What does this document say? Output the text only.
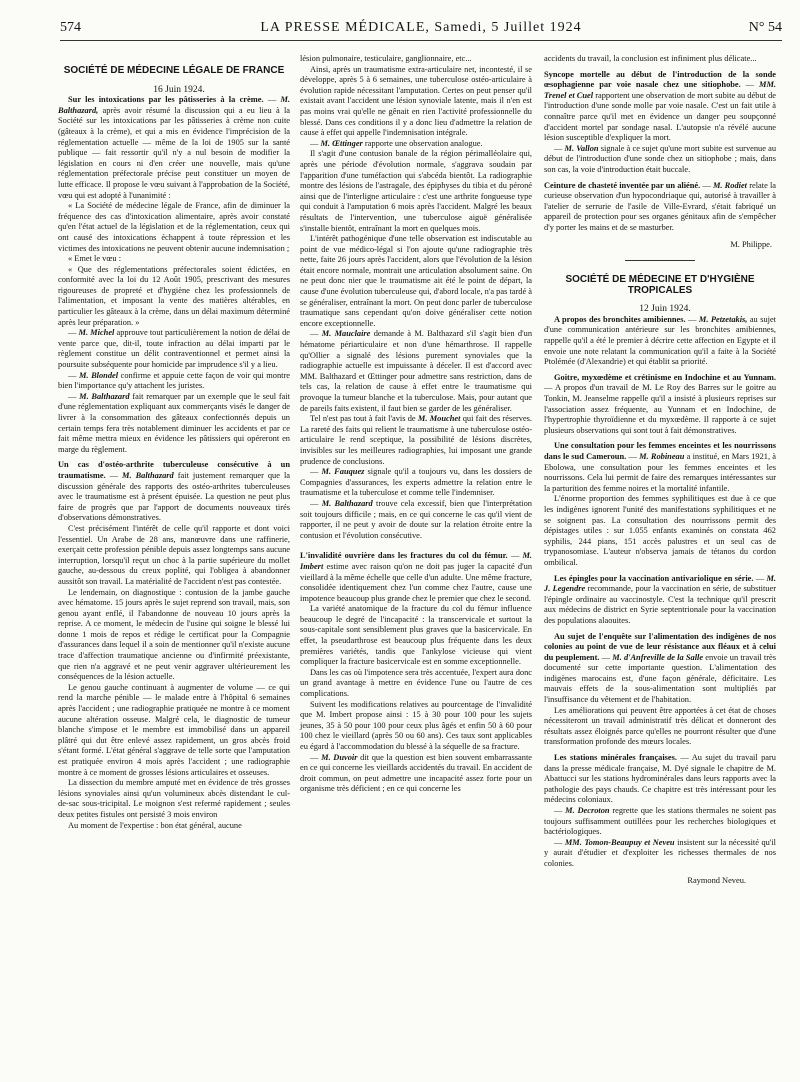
574	LA PRESSE MÉDICALE, Samedi, 5 Juillet 1924	N° 54
SOCIÉTÉ DE MÉDECINE LÉGALE DE FRANCE

16 Juin 1924.

Sur les intoxications par les pâtisseries à la crème. — M. Balthazard, après avoir résumé la discussion qui a eu lieu à la Société sur les intoxications par les pâtisseries à crème non cuite (gâteaux à la crème), et qui a mis en évidence l'imprécision de la réglementation actuelle — même de la loi de 1905 sur la santé publique — fait ressortir qu'il n'y a nul besoin de modifier la législation en cours ni d'en créer une nouvelle, mais qu'une réglementation préfectorale précise peut constituer un moyen de lutte efficace. Il propose le vœu suivant à l'approbation de la Société, vœu qui est adopté à l'unanimité :

« La Société de médecine légale de France, afin de diminuer la fréquence des cas d'intoxication alimentaire, après avoir constaté qu'en l'état actuel de la législation et de la réglementation, ceux qui ont causé des intoxications échappent à toute répression et les victimes des intoxications ne peuvent obtenir aucune indemnisation ;

« Emet le vœu :

« Que des réglementations préfectorales soient édictées, en conformité avec la loi du 12 Août 1905, prescrivant des mesures rigoureuses de propreté et d'hygiène chez les professionnels de l'alimentation, et imposant la vente des matières altérables, en particulier les gâteaux à la crème, dans un délai maximum déterminé après leur préparation. »

— M. Michel approuve tout particulièrement la notion de délai de vente parce que, dit-il, toute infraction au délai imparti par le règlement constitue un délit contraventionnel et permet ainsi la poursuite subséquente pour homicide par imprudence s'il y a lieu.

— M. Blondel confirme et appuie cette façon de voir qui montre bien l'importance qu'y attachent les juristes.

— M. Balthazard fait remarquer par un exemple que le seul fait d'une réglementation expliquant aux commerçants visés le danger de livrer à la consommation des gâteaux confectionnés depuis un certain temps fera très notablement diminuer les accidents et par ce fait même mettra mieux en évidence les pâtissiers qui opéreront en marge du règlement.

Un cas d'ostéo-arthrite tuberculeuse consécutive à un traumatisme. — M. Balthazard fait justement remarquer que la discussion générale des rapports des ostéo-arthrites tuberculeuses avec le traumatisme est à présent épuisée. La question ne peut plus faire de progrès que par l'apport de documents nouveaux tirés d'observations démonstratives.

C'est précisément l'intérêt de celle qu'il rapporte et dont voici l'essentiel. Un Arabe de 28 ans, manœuvre dans une raffinerie, exerçait cette profession pénible depuis assez longtemps sans aucune interruption, lorsqu'il reçut un choc à la partie supérieure du mollet gauche, au-dessous du creux poplité, qui l'obligea à abandonner aussitôt son travail. La matérialité de l'accident n'est pas contestée.

Le lendemain, on diagnostique : contusion de la jambe gauche avec hématome. 15 jours après le sujet reprend son travail, mais, son genou ayant enflé, il l'abandonne de nouveau 10 jours après la reprise. A ce moment, le médecin de l'usine qui soigne le blessé lui donne 1 mois de repos et rédige le certificat pour la Compagnie d'assurances dans lequel il a soin de mentionner qu'il n'existe aucune trace d'affection traumatique ancienne ou d'infirmité préexistante, que rien n'a aggravé et ne peut venir aggraver ultérieurement les conséquences de la lésion actuelle.

Le genou gauche continuant à augmenter de volume — ce qui rend la marche pénible — le malade entre à l'hôpital 6 semaines après l'accident ; une radiographie pratiquée ne montre à ce moment aucune altération osseuse. Malgré cela, le diagnostic de tumeur blanche s'impose et le membre est immobilisé dans un appareil plâtré qui dut être enlevé assez rapidement, un gros abcès froid s'étant formé. L'état général s'aggrave de telle sorte que l'amputation est pratiquée environ 4 mois après l'accident ; une radiographie montre à ce moment de grosses lésions articulaires et osseuses.

La dissection du membre amputé met en évidence de très grosses lésions synoviales ainsi qu'un volumineux abcès distendant le cul-de-sac sous-tricipital. Le moignon s'est refermé rapidement ; seules deux petites fistules ont persisté 3 mois environ

Au moment de l'expertise : bon état général, aucune

lésion pulmonaire, testiculaire, ganglionnaire, etc...

Ainsi, après un traumatisme extra-articulaire net, incontesté, il se développe, après 5 à 6 semaines, une tuberculose ostéo-articulaire à évolution rapide nécessitant l'amputation. Certes on peut penser qu'il existait avant l'accident une lésion synoviale latente, mais il n'en est pas moins vrai qu'elle ne gênait en rien l'activité professionnelle du blessé. Dans ces conditions il y a donc lieu d'admettre la relation de cause à effet qui appelle l'indemnisation intégrale.

— M. Œttinger rapporte une observation analogue.

Il s'agit d'une contusion banale de la région périmalléolaire qui, après une période d'évolution normale, s'aggrava soudain par l'apparition d'une tuméfaction qui s'abcéda bientôt. La radiographie montre des lésions de l'astragale, des épiphyses du tibia et du péroné ainsi que de l'interligne articulaire : c'est une arthrite fongueuse type qui conduit à l'amputation 6 mois après l'accident. Malgré les beaux résultats de l'intervention, une tuberculose aiguë généralisée s'installe bientôt, entraînant la mort en quelques mois.

L'intérêt pathogénique d'une telle observation est indiscutable au point de vue médico-légal si l'on ajoute qu'une radiographie très nette, faite 26 jours après l'accident, alors que l'évolution de la lésion était encore normale, montrait une articulation absolument saine. On ne peut donc nier que le traumatisme ait été le point de départ, la cause d'une évolution tuberculeuse qui, d'abord locale, n'a pas tardé à se généraliser, entraînant la mort. On peut donc parler de tuberculose traumatique sans cependant qu'on doive généraliser cette notion encore exceptionnelle.

— M. Mauclaire demande à M. Balthazard s'il s'agit bien d'un hématome périarticulaire et non d'une hémarthrose. Il rappelle qu'Ollier a signalé des lésions purement synoviales que la radiographie actuelle est impuissante à déceler. Il est d'accord avec MM. Balthazard et Œttinger pour admettre sans restriction, dans de tels cas, la relation de cause à effet entre le traumatisme qui provoque la tumeur blanche et la tuberculose. Mais, pour autant que de pareils faits existent, il faut bien se garder de les généraliser.

Tel n'est pas tout à fait l'avis de M. Mouchet qui fait des réserves. La rareté des faits qui relient le traumatisme à une tuberculose ostéo-articulaire le rend sceptique, la possibilité de lésions discrètes, invisibles sur les meilleures radiographies, lui imposant une grande prudence de conclusions.

— M. Fauquez signale qu'il a toujours vu, dans les dossiers de Compagnies d'assurances, les experts admettre la relation entre le traumatisme et la tuberculose et comme telle l'indemniser.

— M. Balthazard trouve cela excessif, bien que l'interprétation soit toujours difficile ; mais, en ce qui concerne le cas qu'il vient de rapporter, il ne peut y avoir de doute sur la relation étroite entre la contusion et l'évolution consécutive.

L'invalidité ouvrière dans les fractures du col du fémur. — M. Imbert estime avec raison qu'on ne doit pas juger la capacité d'un vieillard à la même échelle que celle d'un adulte. Une même fracture, consolidée identiquement chez l'un comme chez l'autre, cause une impotence beaucoup plus grande chez le premier que chez le second.

La variété anatomique de la fracture du col du fémur influence beaucoup le degré de l'incapacité : la transcervicale et surtout la sous-capitale sont sensiblement plus graves que la basicervicale. En effet, la pseudarthrose est beaucoup plus fréquente dans les deux premières variétés, tandis que l'ankylose vicieuse qui vient compliquer la fracture basicervicale est en somme exceptionnelle.

Dans les cas où l'impotence sera très accentuée, l'expert aura donc un grand avantage à mettre en évidence l'une ou l'autre de ces complications.

Suivent les modifications relatives au pourcentage de l'invalidité que M. Imbert propose ainsi : 15 à 30 pour 100 pour les sujets jeunes, 35 à 50 pour 100 pour ceux plus âgés et enfin 50 à 60 pour 100 chez le vieillard (après 50 ou 60 ans). Ces taux sont applicables eu égard à l'accommodation du blessé à la séquelle de sa fracture.

— M. Duvoir dit que la question est bien souvent embarrassante en ce qui concerne les vieillards accidentés du travail. En accident de droit commun, on peut admettre une incapacité assez forte pour un organisme très déficient ; en ce qui concerne les

accidents du travail, la conclusion est infiniment plus délicate...

Syncope mortelle au début de l'introduction de la sonde œsophagienne par voie nasale chez une sitiophobe. — MM. Trenel et Cuel rapportent une observation de mort subite au début de l'introduction d'une sonde molle par voie nasale. C'est un fait utile à connaître parce qu'il met en évidence un danger peu soupçonné d'accident mortel par sondage nasal. L'autopsie n'a révélé aucune lésion susceptible d'expliquer la mort.

— M. Vallon signale à ce sujet qu'une mort subite est survenue au début de l'introduction d'une sonde chez un sitiophobe ; mais, dans son cas, la voie d'introduction était buccale.

Ceinture de chasteté inventée par un aliéné. — M. Rodiet relate la curieuse observation d'un hypocondriaque qui, autorisé à travailler à l'atelier de serrurie de l'asile de Ville-Evrard, s'était fabriqué un appareil de protection pour ses organes génitaux afin de s'empêcher d'y porter les mains et de se masturber.

M. Philippe.
SOCIÉTÉ DE MÉDECINE ET D'HYGIÈNE TROPICALES

12 Juin 1924.

A propos des bronchites amibiennes. — M. Petzetakis, au sujet d'une communication antérieure sur les bronchites amibiennes, rappelle qu'il a été le premier à décrire cette affection en Egypte et il envoie une note relatant la communication qu'il a faite à la Société Ptolémée (d'Alexandrie) et qui établit sa priorité.

Goitre, myxœdème et crétinisme en Indochine et au Yunnam. — A propos d'un travail de M. Le Roy des Barres sur le goitre au Tonkin, M. Jeanselme rappelle qu'il a insisté à plusieurs reprises sur l'association assez fréquente, au Yunnam et en Indochine, de l'hypertrophie thyroïdienne et du myxœdème. Il rapporte à ce sujet plusieurs observations qui sont tout à fait démonstratives.

Une consultation pour les femmes enceintes et les nourrissons dans le sud Cameroun. — M. Robineau a institué, en Mars 1921, à Ebolowa, une consultation pour les femmes enceintes et les nourrissons. Cela lui permit de faire des remarques intéressantes sur la parturition des femme noires et la mortalité infantile.

L'énorme proportion des femmes syphilitiques est due à ce que les indigènes ignorent l'unité des manifestations syphilitiques et ne se soignent pas. La consultation des nourrissons permit des dépistages utiles : sur 1.055 enfants examinés on constata 462 syphilis, 244 pians, 151 accès palustres et un seul cas de trypanosomiase. L'auteur n'observa jamais de tétanos du cordon ombilical.

Les épingles pour la vaccination antivariolique en série. — M. J. Legendre recommande, pour la vaccination en série, de substituer l'épingle ordinaire au vaccinostyle. C'est la technique qu'il prescrit aux médecins de district en Syrie septentrionale pour la vaccination des populations alaouites.

Au sujet de l'enquête sur l'alimentation des indigènes de nos colonies au point de vue de leur résistance aux fléaux et à celui du peuplement. — M. d'Anfreville de la Salle envoie un travail très documenté sur cette importante question. L'alimentation des indigènes marocains est, d'une façon générale, déficitaire. Les mauvais effets de la sous-alimentation sont multipliés par l'insuffisance du vêtement et de l'habitation.

Les améliorations qui peuvent être apportées à cet état de choses nécessiteront un travail administratif très délicat et donneront des résultats assez éloignés parce qu'elles ne pourront résulter que d'une transformation profonde des mœurs locales.

Les stations minérales françaises. — Au sujet du travail paru dans la presse médicale française, M. Dyé signale le chapitre de M. Abattucci sur les stations hydrominérales dans leurs rapports avec la pathologie des pays chauds. Ce chapitre est très intéressant pour les médecins coloniaux.

— M. Decroton regrette que les stations thermales ne soient pas toujours suffisamment outillées pour les recherches biologiques et bactériologiques.

— MM. Tomon-Beaupuy et Neveu insistent sur la nécessité qu'il y aurait d'étudier et d'exploiter les richesses thermales de nos colonies.

Raymond Neveu.
